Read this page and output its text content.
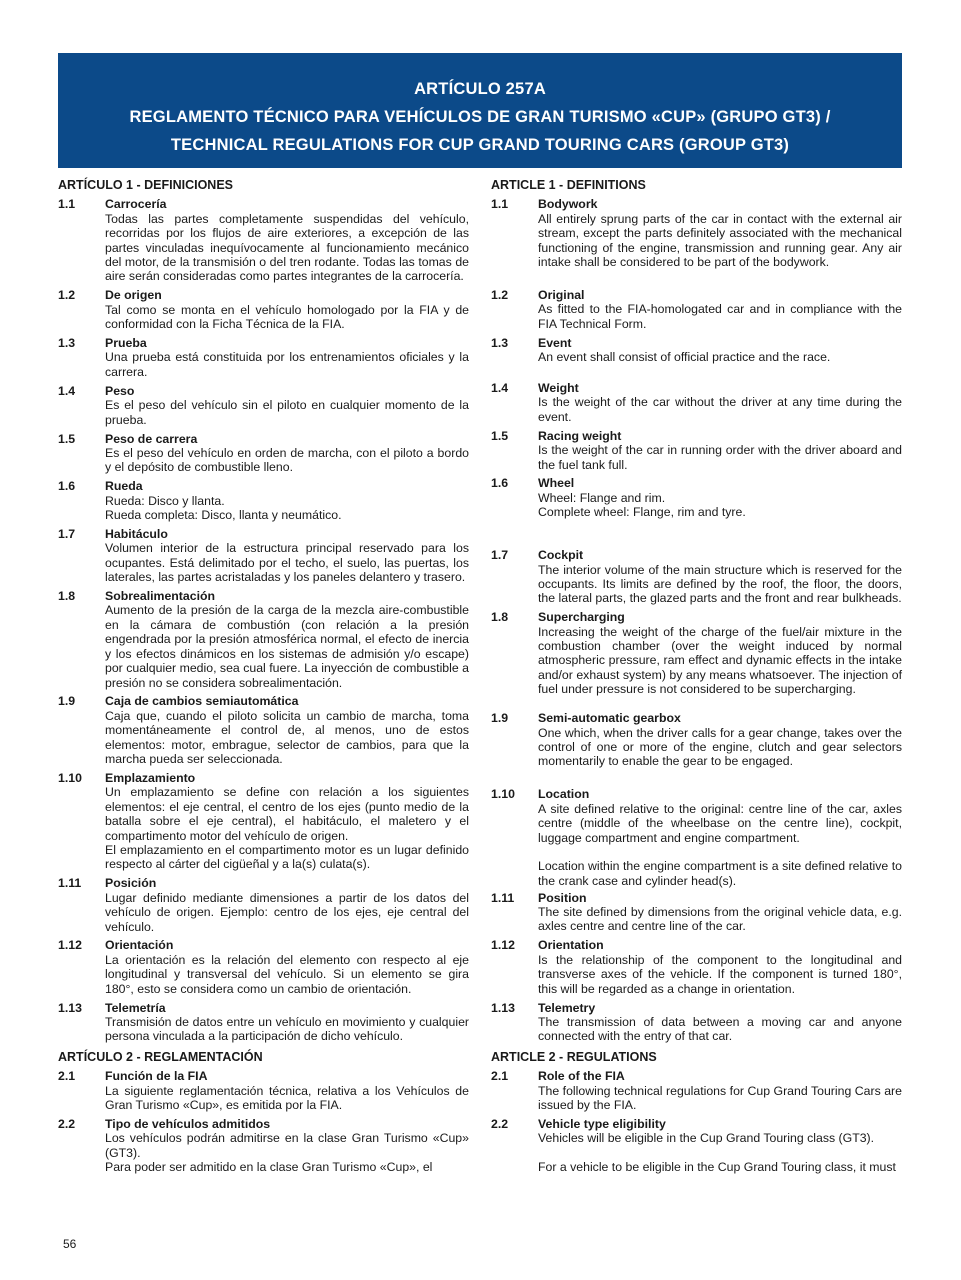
ARTÍCULO 257A
REGLAMENTO TÉCNICO PARA VEHÍCULOS DE GRAN TURISMO «CUP» (GRUPO GT3) /
TECHNICAL REGULATIONS FOR CUP GRAND TOURING CARS (GROUP GT3)
ARTÍCULO 1 - DEFINICIONES
1.1	Carrocería
Todas las partes completamente suspendidas del vehículo, recorridas por los flujos de aire exteriores, a excepción de las partes vinculadas inequívocamente al funcionamiento mecánico del motor, de la transmisión o del tren rodante. Todas las tomas de aire serán consideradas como partes integrantes de la carrocería.
1.2	De origen
Tal como se monta en el vehículo homologado por la FIA y de conformidad con la Ficha Técnica de la FIA.
1.3	Prueba
Una prueba está constituida por los entrenamientos oficiales y la carrera.
1.4	Peso
Es el peso del vehículo sin el piloto en cualquier momento de la prueba.
1.5	Peso de carrera
Es el peso del vehículo en orden de marcha, con el piloto a bordo y el depósito de combustible lleno.
1.6	Rueda
Rueda: Disco y llanta.
Rueda completa: Disco, llanta y neumático.
1.7	Habitáculo
Volumen interior de la estructura principal reservado para los ocupantes. Está delimitado por el techo, el suelo, las puertas, los laterales, las partes acristaladas y los paneles delantero y trasero.
1.8	Sobrealimentación
Aumento de la presión de la carga de la mezcla aire-combustible en la cámara de combustión (con relación a la presión engendrada por la presión atmosférica normal, el efecto de inercia y los efectos dinámicos en los sistemas de admisión y/o escape) por cualquier medio, sea cual fuere. La inyección de combustible a presión no se considera sobrealimentación.
1.9	Caja de cambios semiautomática
Caja que, cuando el piloto solicita un cambio de marcha, toma momentáneamente el control de, al menos, uno de estos elementos: motor, embrague, selector de cambios, para que la marcha pueda ser seleccionada.
1.10	Emplazamiento
Un emplazamiento se define con relación a los siguientes elementos: el eje central, el centro de los ejes (punto medio de la batalla sobre el eje central), el habitáculo, el maletero y el compartimento motor del vehículo de origen.
El emplazamiento en el compartimento motor es un lugar definido respecto al cárter del cigüeñal y a la(s) culata(s).
1.11	Posición
Lugar definido mediante dimensiones a partir de los datos del vehículo de origen. Ejemplo: centro de los ejes, eje central del vehículo.
1.12	Orientación
La orientación es la relación del elemento con respecto al eje longitudinal y transversal del vehículo. Si un elemento se gira 180°, esto se considera como un cambio de orientación.
1.13	Telemetría
Transmisión de datos entre un vehículo en movimiento y cualquier persona vinculada a la participación de dicho vehículo.
ARTÍCULO 2 - REGLAMENTACIÓN
2.1	Función de la FIA
La siguiente reglamentación técnica, relativa a los Vehículos de Gran Turismo «Cup», es emitida por la FIA.
2.2	Tipo de vehículos admitidos
Los vehículos podrán admitirse en la clase Gran Turismo «Cup» (GT3).
Para poder ser admitido en la clase Gran Turismo «Cup», el
ARTICLE 1 - DEFINITIONS
1.1	Bodywork
All entirely sprung parts of the car in contact with the external air stream, except the parts definitely associated with the mechanical functioning of the engine, transmission and running gear. Any air intake shall be considered to be part of the bodywork.
1.2	Original
As fitted to the FIA-homologated car and in compliance with the FIA Technical Form.
1.3	Event
An event shall consist of official practice and the race.
1.4	Weight
Is the weight of the car without the driver at any time during the event.
1.5	Racing weight
Is the weight of the car in running order with the driver aboard and the fuel tank full.
1.6	Wheel
Wheel: Flange and rim.
Complete wheel: Flange, rim and tyre.
1.7	Cockpit
The interior volume of the main structure which is reserved for the occupants. Its limits are defined by the roof, the floor, the doors, the lateral parts, the glazed parts and the front and rear bulkheads.
1.8	Supercharging
Increasing the weight of the charge of the fuel/air mixture in the combustion chamber (over the weight induced by normal atmospheric pressure, ram effect and dynamic effects in the intake and/or exhaust system) by any means whatsoever. The injection of fuel under pressure is not considered to be supercharging.
1.9	Semi-automatic gearbox
One which, when the driver calls for a gear change, takes over the control of one or more of the engine, clutch and gear selectors momentarily to enable the gear to be engaged.
1.10	Location
A site defined relative to the original: centre line of the car, axles centre (middle of the wheelbase on the centre line), cockpit, luggage compartment and engine compartment.

Location within the engine compartment is a site defined relative to the crank case and cylinder head(s).
1.11	Position
The site defined by dimensions from the original vehicle data, e.g. axles centre and centre line of the car.
1.12	Orientation
Is the relationship of the component to the longitudinal and transverse axes of the vehicle. If the component is turned 180°, this will be regarded as a change in orientation.
1.13	Telemetry
The transmission of data between a moving car and anyone connected with the entry of that car.
ARTICLE 2 - REGULATIONS
2.1	Role of the FIA
The following technical regulations for Cup Grand Touring Cars are issued by the FIA.
2.2	Vehicle type eligibility
Vehicles will be eligible in the Cup Grand Touring class (GT3).

For a vehicle to be eligible in the Cup Grand Touring class, it must
56
